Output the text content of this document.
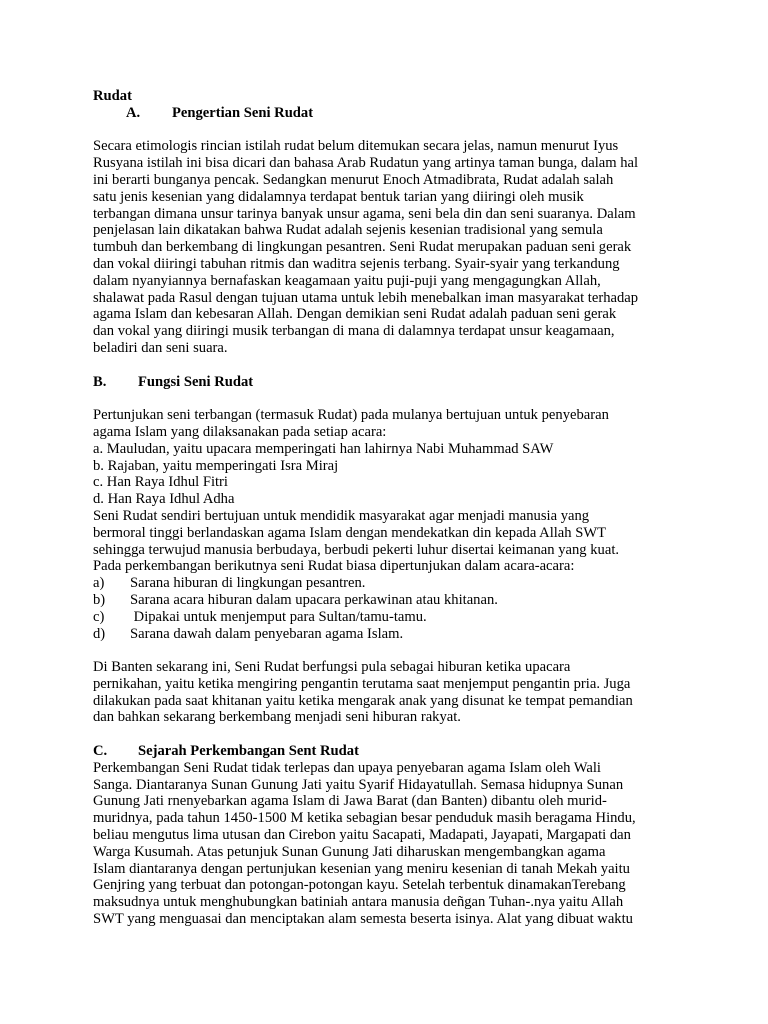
Rudat

A. Pengertian Seni Rudat

Secara etimologis rincian istilah rudat belum ditemukan secara jelas, namun menurut Iyus

Rusyana istilah ini bisa dicari dan bahasa Arab Rudatun yang artinya taman bunga, dalam hal

ini berarti bunganya pencak. Sedangkan menurut Enoch Atmadibrata, Rudat adalah salah

satu jenis kesenian yang didalamnya terdapat bentuk tarian yang diiringi oleh musik

terbangan dimana unsur tarinya banyak unsur agama, seni bela din dan seni suaranya. Dalam

penjelasan lain dikatakan bahwa Rudat adalah sejenis kesenian tradisional yang semula

tumbuh dan berkembang di lingkungan pesantren. Seni Rudat merupakan paduan seni gerak

dan vokal diiringi tabuhan ritmis dan waditra sejenis terbang. Syair-syair yang terkandung

dalam nyanyiannya bernafaskan keagamaan yaitu puji-puji yang mengagungkan Allah,

shalawat pada Rasul dengan tujuan utama untuk lebih menebalkan iman masyarakat terhadap

agama Islam dan kebesaran Allah. Dengan demikian seni Rudat adalah paduan seni gerak

dan vokal yang diiringi musik terbangan di mana di dalamnya terdapat unsur keagamaan,

beladiri dan seni suara.

B. Fungsi Seni Rudat

Pertunjukan seni terbangan (termasuk Rudat) pada mulanya bertujuan untuk penyebaran

agama Islam yang dilaksanakan pada setiap acara:

a. Mauludan, yaitu upacara memperingati han lahirnya Nabi Muhammad SAW

b. Rajaban, yaitu memperingati Isra Miraj

c. Han Raya Idhul Fitri

d. Han Raya Idhul Adha

Seni Rudat sendiri bertujuan untuk mendidik masyarakat agar menjadi manusia yang

bermoral tinggi berlandaskan agama Islam dengan mendekatkan din kepada Allah SWT

sehingga terwujud manusia berbudaya, berbudi pekerti luhur disertai keimanan yang kuat.

Pada perkembangan berikutnya seni Rudat biasa dipertunjukan dalam acara-acara:

a) Sarana hiburan di lingkungan pesantren.

b) Sarana acara hiburan dalam upacara perkawinan atau khitanan.

c) Dipakai untuk menjemput para Sultan/tamu-tamu.

d) Sarana dawah dalam penyebaran agama Islam.

Di Banten sekarang ini, Seni Rudat berfungsi pula sebagai hiburan ketika upacara

pernikahan, yaitu ketika mengiring pengantin terutama saat menjemput pengantin pria. Juga

dilakukan pada saat khitanan yaitu ketika mengarak anak yang disunat ke tempat pemandian

dan bahkan sekarang berkembang menjadi seni hiburan rakyat.

C. Sejarah Perkembangan Sent Rudat

Perkembangan Seni Rudat tidak terlepas dan upaya penyebaran agama Islam oleh Wali

Sanga. Diantaranya Sunan Gunung Jati yaitu Syarif Hidayatullah. Semasa hidupnya Sunan

Gunung Jati rnenyebarkan agama Islam di Jawa Barat (dan Banten) dibantu oleh murid-

muridnya, pada tahun 1450-1500 M ketika sebagian besar penduduk masih beragama Hindu,

beliau mengutus lima utusan dan Cirebon yaitu Sacapati, Madapati, Jayapati, Margapati dan

Warga Kusumah. Atas petunjuk Sunan Gunung Jati diharuskan mengembangkan agama

Islam diantaranya dengan pertunjukan kesenian yang meniru kesenian di tanah Mekah yaitu

Genjring yang terbuat dan potongan-potongan kayu. Setelah terbentuk dinamakanTerebang

maksudnya untuk menghubungkan batiniah antara manusia deñgan Tuhan-.nya yaitu Allah

SWT yang menguasai dan menciptakan alam semesta beserta isinya. Alat yang dibuat waktu
